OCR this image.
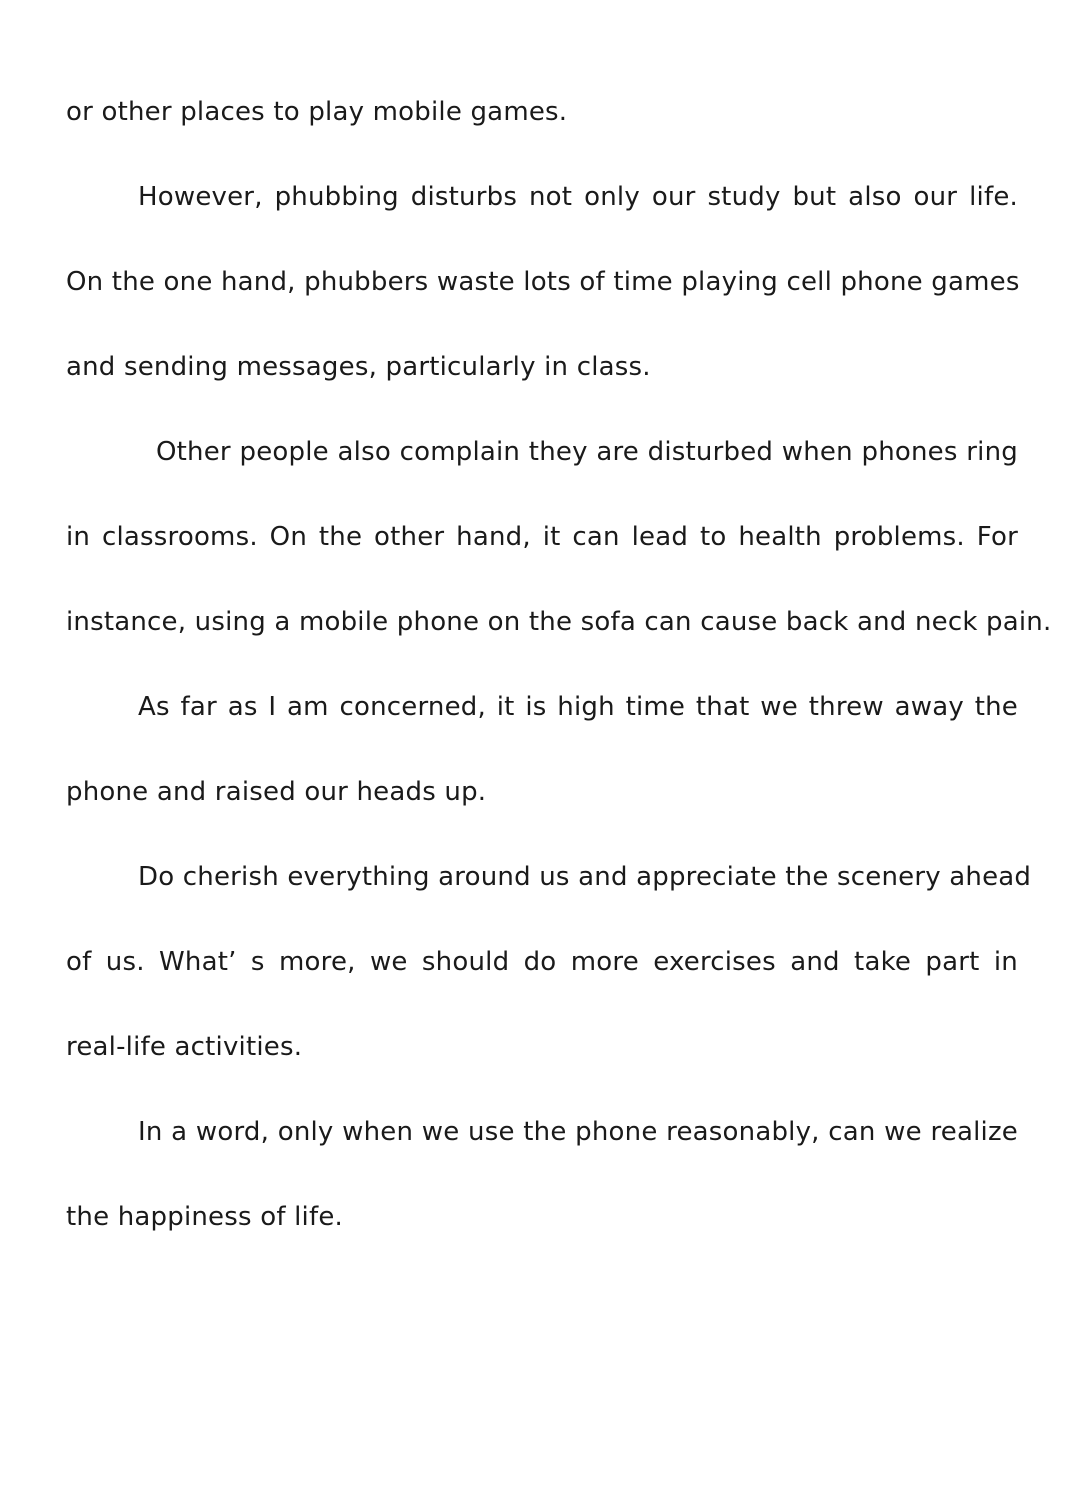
or other places to play mobile games.
However, phubbing disturbs not only our study but also our life.
On the one hand, phubbers waste lots of time playing cell phone games
and sending messages, particularly in class.
Other people also complain they are disturbed when phones ring
in classrooms. On the other hand, it can lead to health problems. For
instance, using a mobile phone on the sofa can cause back and neck pain.
As far as I am concerned, it is high time that we threw away the
phone and raised our heads up.
Do cherish everything around us and appreciate the scenery ahead
of us. What’ s more, we should do more exercises and take part in
real-life activities.
In a word, only when we use the phone reasonably, can we realize
the happiness of life.
